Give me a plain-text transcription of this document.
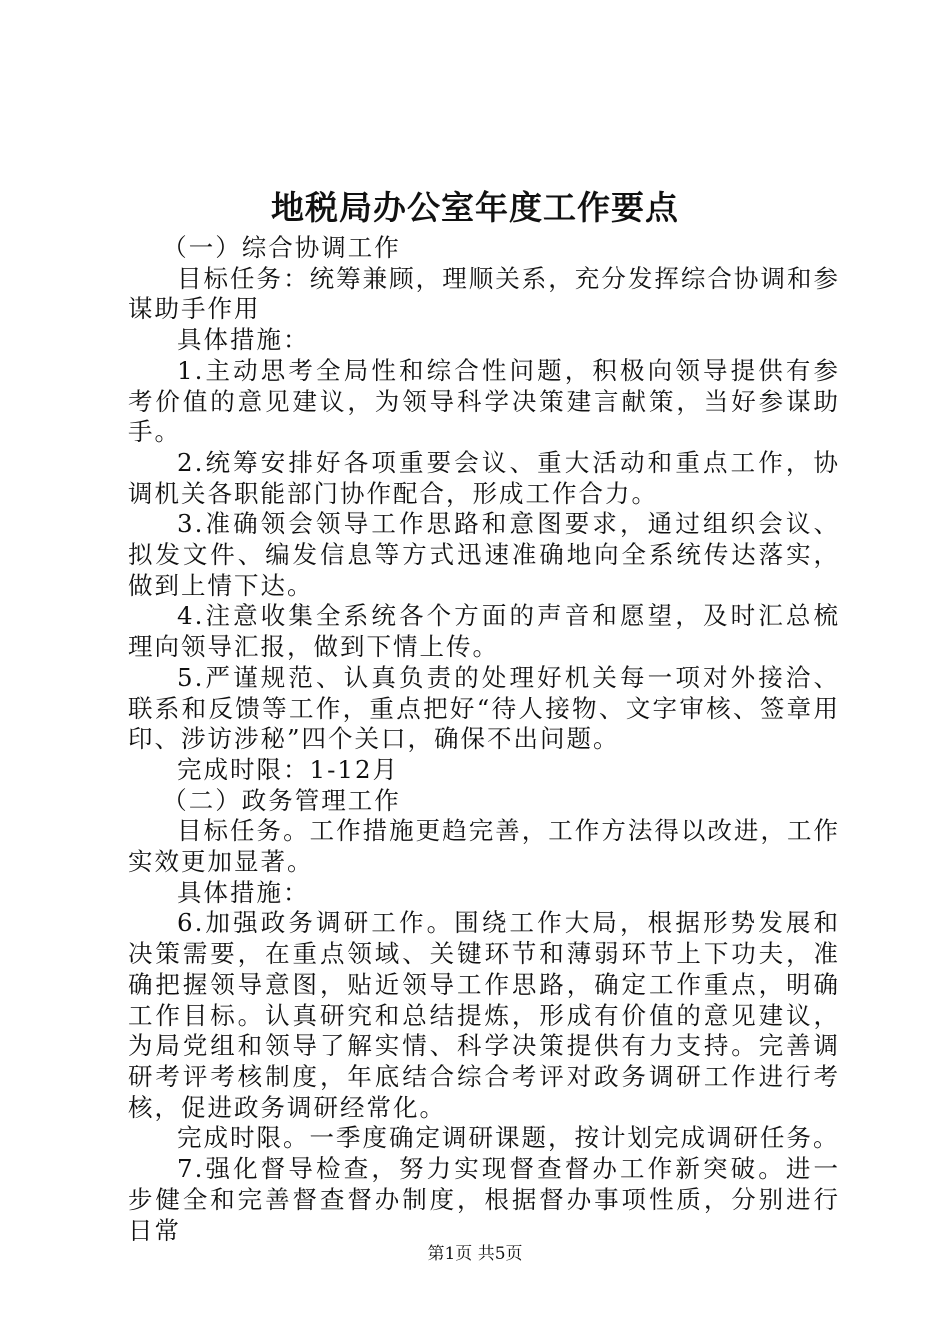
地税局办公室年度工作要点

（一）综合协调工作

目标任务：统筹兼顾，理顺关系，充分发挥综合协调和参谋助手作用

具体措施：

1.主动思考全局性和综合性问题，积极向领导提供有参考价值的意见建议，为领导科学决策建言献策，当好参谋助手。

2.统筹安排好各项重要会议、重大活动和重点工作，协调机关各职能部门协作配合，形成工作合力。

3.准确领会领导工作思路和意图要求，通过组织会议、拟发文件、编发信息等方式迅速准确地向全系统传达落实，做到上情下达。

4.注意收集全系统各个方面的声音和愿望，及时汇总梳理向领导汇报，做到下情上传。

5.严谨规范、认真负责的处理好机关每一项对外接洽、联系和反馈等工作，重点把好“待人接物、文字审核、签章用印、涉访涉秘”四个关口，确保不出问题。

完成时限：1-12月

（二）政务管理工作

目标任务。工作措施更趋完善，工作方法得以改进，工作实效更加显著。

具体措施：

6.加强政务调研工作。围绕工作大局，根据形势发展和决策需要，在重点领域、关键环节和薄弱环节上下功夫，准确把握领导意图，贴近领导工作思路，确定工作重点，明确工作目标。认真研究和总结提炼，形成有价值的意见建议，为局党组和领导了解实情、科学决策提供有力支持。完善调研考评考核制度，年底结合综合考评对政务调研工作进行考核，促进政务调研经常化。

完成时限。一季度确定调研课题，按计划完成调研任务。

7.强化督导检查，努力实现督查督办工作新突破。进一步健全和完善督查督办制度，根据督办事项性质，分别进行日常

第1页 共5页
